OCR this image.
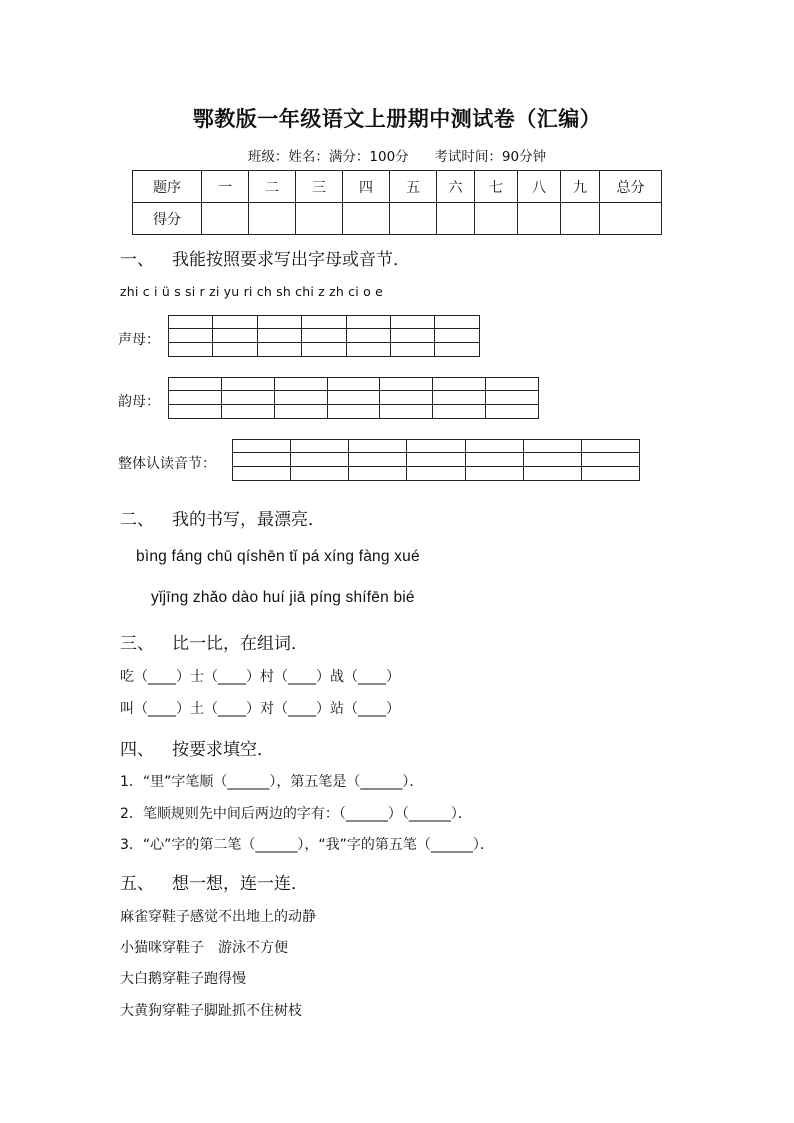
鄂教版一年级语文上册期中测试卷（汇编）
班级：姓名：满分：100分 考试时间：90分钟
题序	一	二	三	四	五	六	七	八	九	总分
得分										
一、 我能按照要求写出字母或音节．
zhi c i ü s si r zi yu ri ch sh chi z zh ci o e
声母：
韵母：
整体认读音节：
二、 我的书写，最漂亮．
bìng fáng chū qíshēn tǐ pá xíng fàng xué
yǐjīng zhǎo dào huí jiā píng shífēn bié
三、 比一比，在组词．
吃（____）士（____）村（____）战（____）
叫（____）土（____）对（____）站（____）
四、 按要求填空．
1．“里”字笔顺（______），第五笔是（______）．
2．笔顺规则先中间后两边的字有：（______）（______）．
3．“心”字的第二笔（______），“我”字的第五笔（______）．
五、 想一想，连一连．
麻雀穿鞋子感觉不出地上的动静
小猫咪穿鞋子　游泳不方便
大白鹅穿鞋子跑得慢
大黄狗穿鞋子脚趾抓不住树枝
